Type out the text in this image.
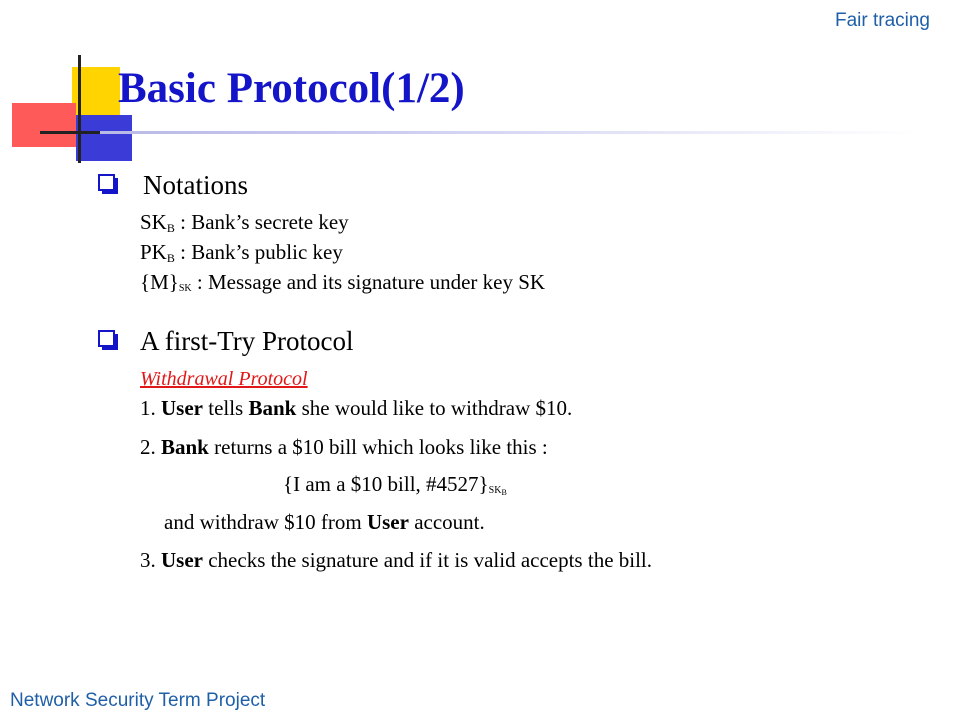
Fair tracing
Basic Protocol(1/2)
Notations
$SK_B$ : Bank’s secrete key
$PK_B$ : Bank’s public key
$\{M\}_{SK}$ : Message and its signature under key SK
A first-Try Protocol
Withdrawal Protocol
1. User tells Bank she would like to withdraw $10.
2. Bank returns a $10 bill which looks like this :
{I am a $10 bill, $\#4527\}_{SK_B}$
and withdraw $10 from User account.
3. User checks the signature and if it is valid accepts the bill.
Network Security Term Project
